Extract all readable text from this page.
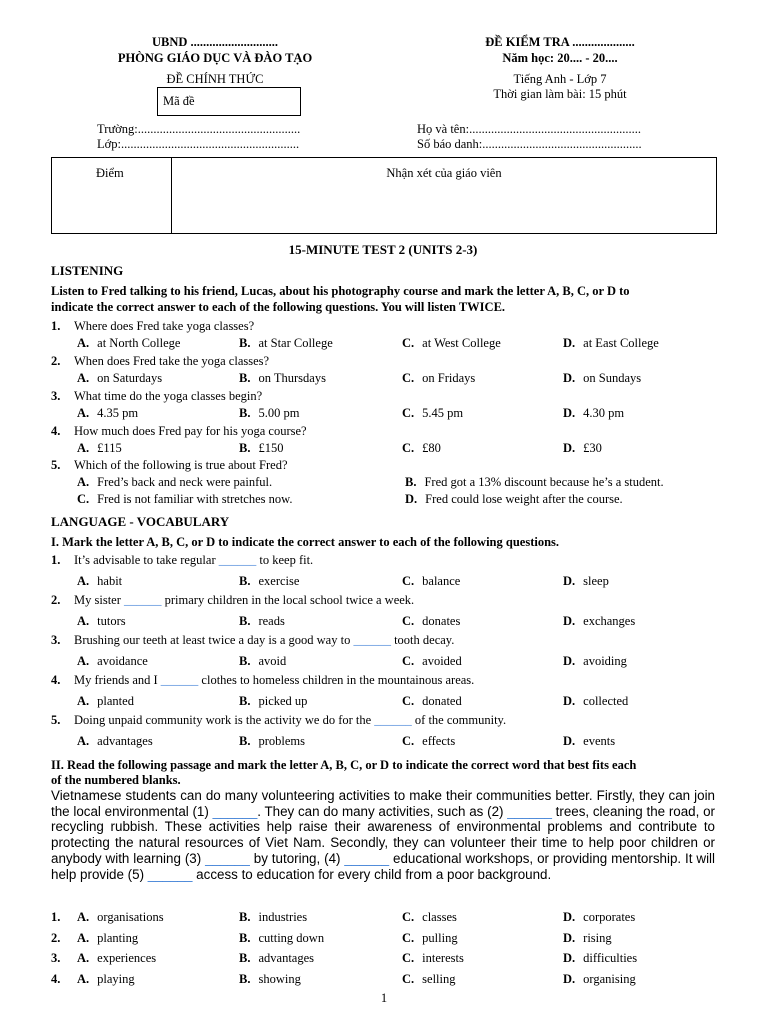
UBND ............................
PHÒNG GIÁO DỤC VÀ ĐÀO TẠO
ĐỀ CHÍNH THỨC
Mã đề
ĐỀ KIỂM TRA ....................
Năm học: 20.... - 20....
Tiếng Anh - Lớp 7
Thời gian làm bài: 15 phút
Trường:....................................................
Lớp:.........................................................
Họ và tên:.......................................................
Số báo danh:...................................................
Điểm	Nhận xét của giáo viên
15-MINUTE TEST 2 (UNITS 2-3)
LISTENING
Listen to Fred talking to his friend, Lucas, about his photography course and mark the letter A, B, C, or D to
indicate the correct answer to each of the following questions. You will listen TWICE.
1.	Where does Fred take yoga classes?
A. at North College	B. at Star College	C. at West College	D. at East College
2.	When does Fred take the yoga classes?
A. on Saturdays	B. on Thursdays	C. on Fridays	D. on Sundays
3.	What time do the yoga classes begin?
A. 4.35 pm	B. 5.00 pm	C. 5.45 pm	D. 4.30 pm
4.	How much does Fred pay for his yoga course?
A. £115	B. £150	C. £80	D. £30
5.	Which of the following is true about Fred?
A. Fred’s back and neck were painful.	B. Fred got a 13% discount because he’s a student.
C. Fred is not familiar with stretches now.	D. Fred could lose weight after the course.
LANGUAGE - VOCABULARY
I. Mark the letter A, B, C, or D to indicate the correct answer to each of the following questions.
1.	It’s advisable to take regular ______ to keep fit.
A. habit	B. exercise	C. balance	D. sleep
2.	My sister ______ primary children in the local school twice a week.
A. tutors	B. reads	C. donates	D. exchanges
3.	Brushing our teeth at least twice a day is a good way to ______ tooth decay.
A. avoidance	B. avoid	C. avoided	D. avoiding
4.	My friends and I ______ clothes to homeless children in the mountainous areas.
A. planted	B. picked up	C. donated	D. collected
5.	Doing unpaid community work is the activity we do for the ______ of the community.
A. advantages	B. problems	C. effects	D. events
II. Read the following passage and mark the letter A, B, C, or D to indicate the correct word that best fits each
of the numbered blanks.
Vietnamese students can do many volunteering activities to make their communities better. Firstly, they can join the local environmental (1) ______. They can do many activities, such as (2) ______ trees, cleaning the road, or recycling rubbish. These activities help raise their awareness of environmental problems and contribute to protecting the natural resources of Viet Nam. Secondly, they can volunteer their time to help poor children or anybody with learning (3) ______ by tutoring, (4) ______ educational workshops, or providing mentorship. It will help provide (5) ______ access to education for every child from a poor background.
1.	A. organisations	B. industries	C. classes	D. corporates
2.	A. planting	B. cutting down	C. pulling	D. rising
3.	A. experiences	B. advantages	C. interests	D. difficulties
4.	A. playing	B. showing	C. selling	D. organising
1
